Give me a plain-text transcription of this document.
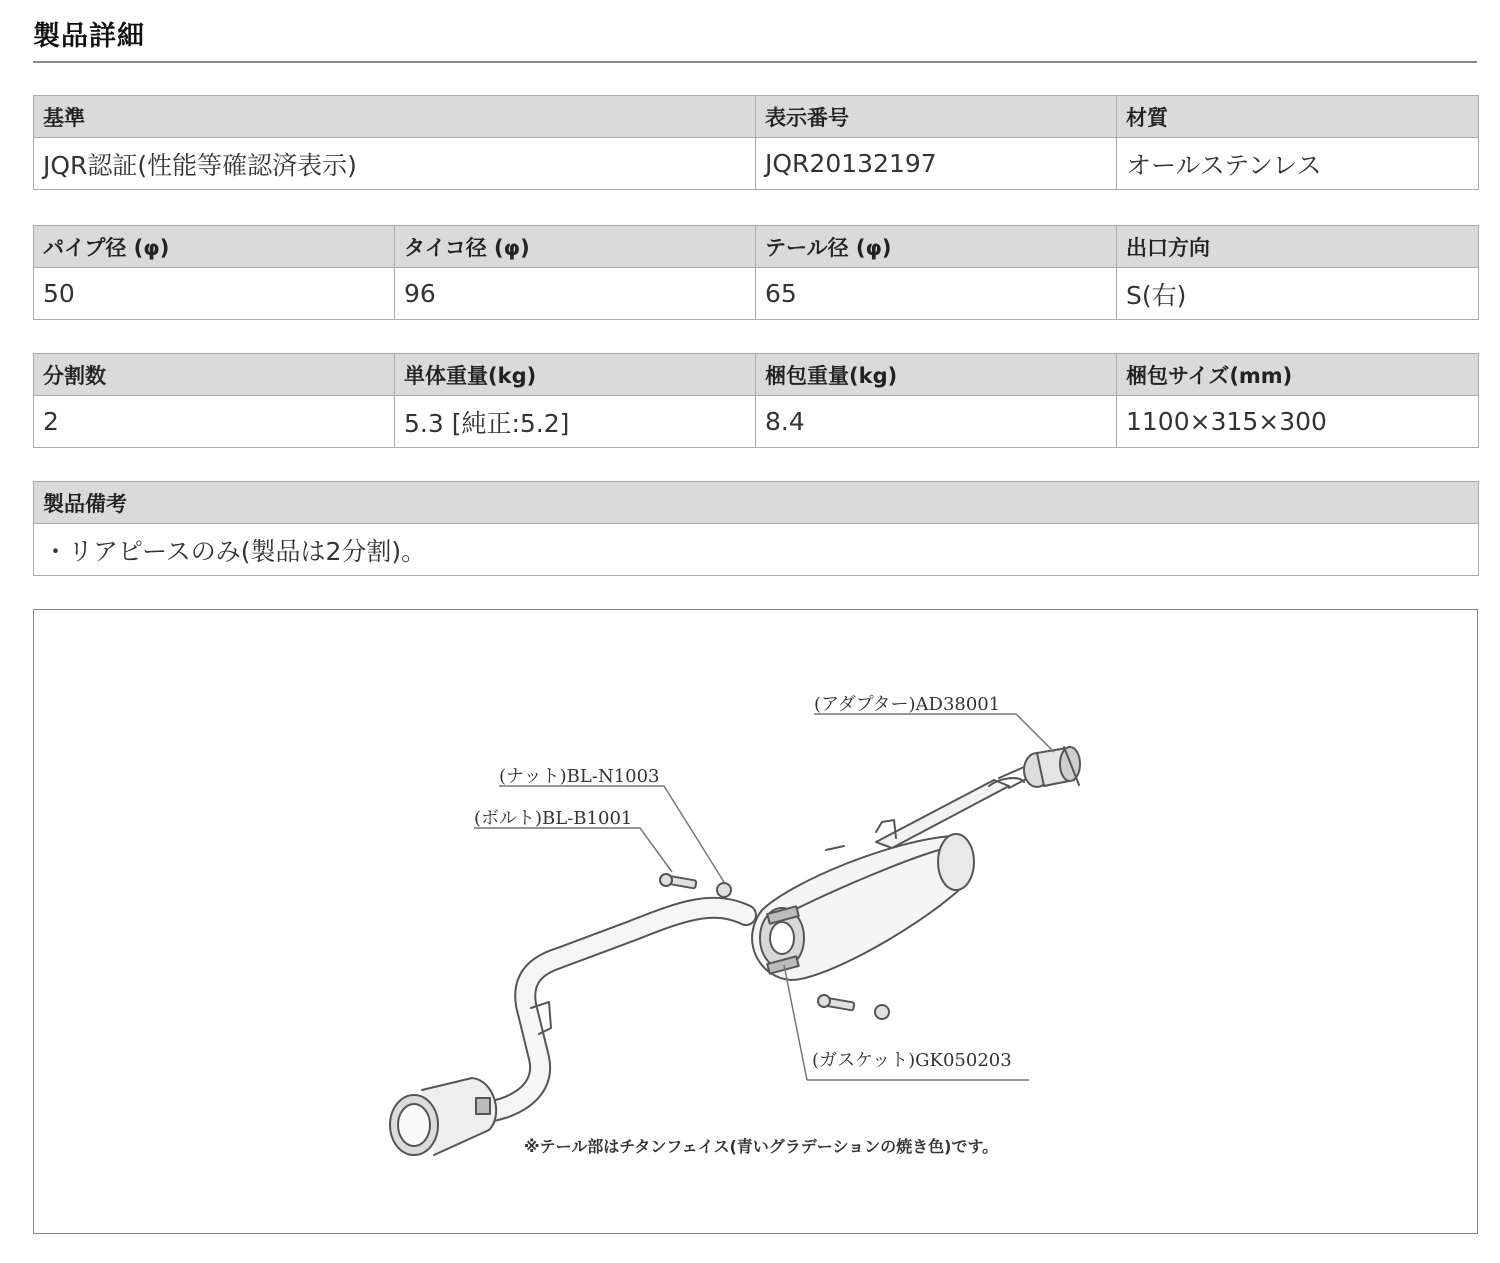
製品詳細
基準	表示番号	材質
JQR認証(性能等確認済表示)	JQR20132197	オールステンレス
パイプ径 (φ)	タイコ径 (φ)	テール径 (φ)	出口方向
50	96	65	S(右)
分割数	単体重量(kg)	梱包重量(kg)	梱包サイズ(mm)
2	5.3 [純正:5.2]	8.4	1100×315×300
製品備考
・リアピースのみ(製品は2分割)。
(アダプター)AD38001
(ナット)BL-N1003
(ボルト)BL-B1001
(ガスケット)GK050203
※テール部はチタンフェイス(青いグラデーションの焼き色)です。
